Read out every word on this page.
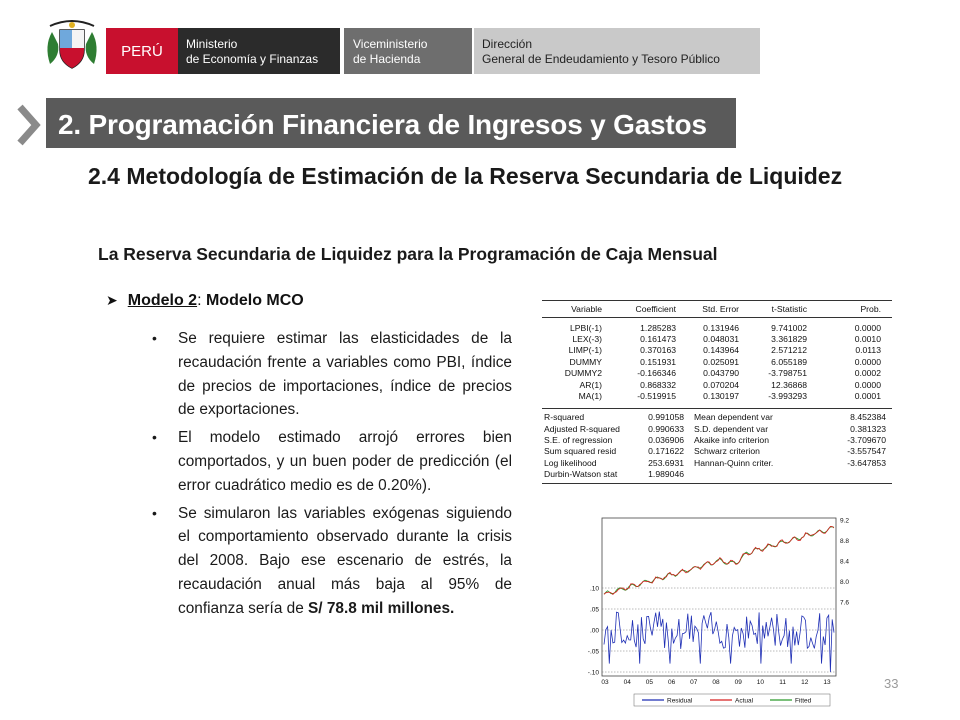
PERÚ Ministerio
de Economía y Finanzas
Viceministerio
de Hacienda
Dirección
General de Endeudamiento y Tesoro Público
2. Programación Financiera de Ingresos y Gastos
2.4 Metodología de Estimación de la Reserva Secundaria de Liquidez
La Reserva Secundaria de Liquidez para la Programación de Caja Mensual
➤ Modelo 2: Modelo MCO
• Se requiere estimar las elasticidades de la recaudación frente a variables como PBI, índice de precios de importaciones, índice de precios de exportaciones.
• El modelo estimado arrojó errores bien comportados, y un buen poder de predicción (el error cuadrático medio es de 0.20%).
• Se simularon las variables exógenas siguiendo el comportamiento observado durante la crisis del 2008. Bajo ese escenario de estrés, la recaudación anual más baja al 95% de confianza sería de S/ 78.8 mil millones.
Variable	Coefficient	Std. Error	t-Statistic	Prob.
LPBI(-1)	1.285283	0.131946	9.741002	0.0000
LEX(-3)	0.161473	0.048031	3.361829	0.0010
LIMP(-1)	0.370163	0.143964	2.571212	0.0113
DUMMY	0.151931	0.025091	6.055189	0.0000
DUMMY2	-0.166346	0.043790	-3.798751	0.0002
AR(1)	0.868332	0.070204	12.36868	0.0000
MA(1)	-0.519915	0.130197	-3.993293	0.0001
R-squared	0.991058	Mean dependent var	8.452384
Adjusted R-squared	0.990633	S.D. dependent var	0.381323
S.E. of regression	0.036906	Akaike info criterion	-3.709670
Sum squared resid	0.171622	Schwarz criterion	-3.557547
Log likelihood	253.6931	Hannan-Quinn criter.	-3.647853
Durbin-Watson stat	1.989046
.10
.05
.00
-.05
-.10
9.2
8.8
8.4
8.0
7.6
03 04 05 06 07 08 09 10 11 12 13
Residual	Actual	Fitted
33
